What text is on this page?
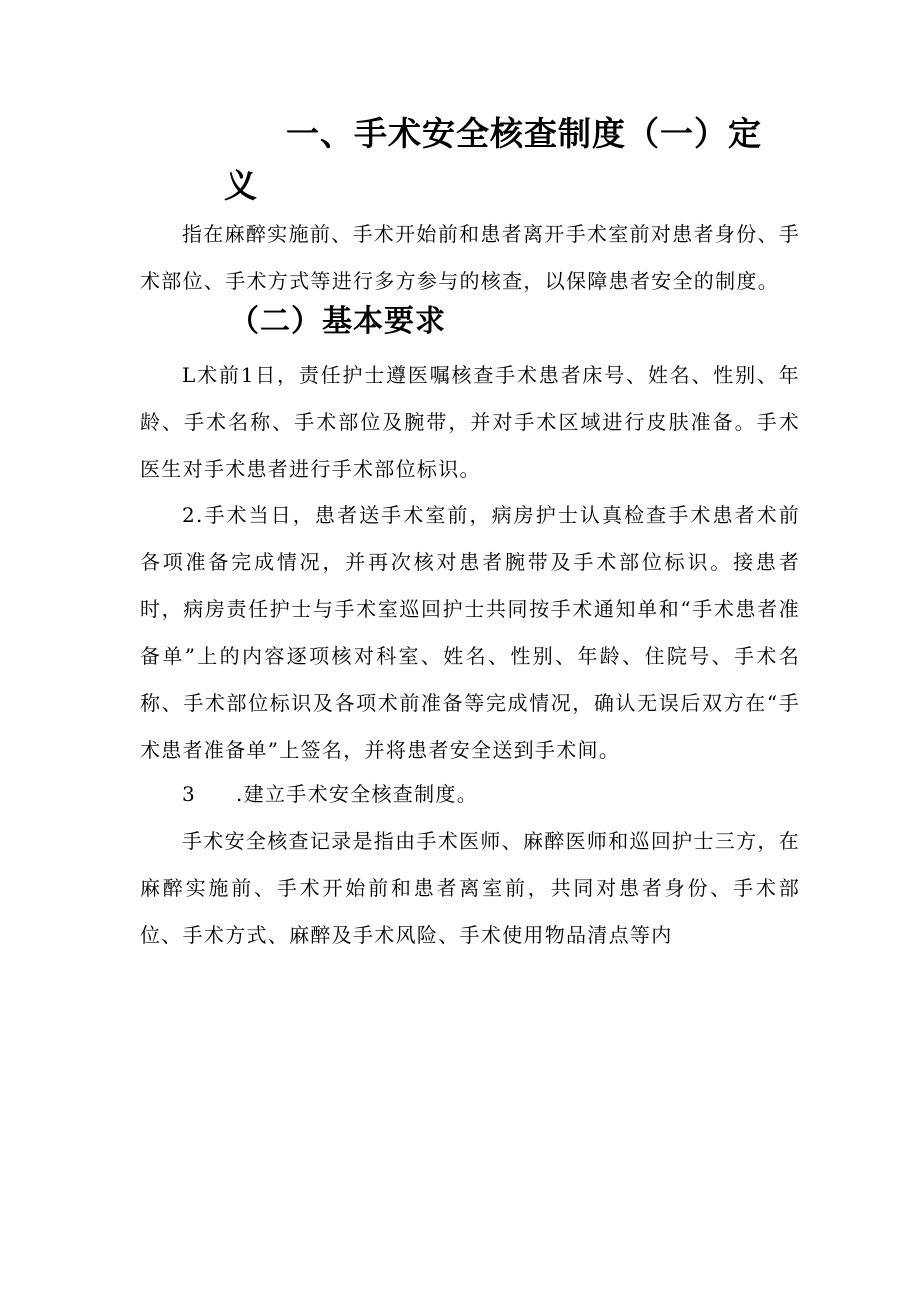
一、手术安全核查制度（一）定义

指在麻醉实施前、手术开始前和患者离开手术室前对患者身份、手术部位、手术方式等进行多方参与的核查，以保障患者安全的制度。

（二）基本要求

L术前1日，责任护士遵医嘱核查手术患者床号、姓名、性别、年龄、手术名称、手术部位及腕带，并对手术区域进行皮肤准备。手术医生对手术患者进行手术部位标识。

2.手术当日，患者送手术室前，病房护士认真检查手术患者术前各项准备完成情况，并再次核对患者腕带及手术部位标识。接患者时，病房责任护士与手术室巡回护士共同按手术通知单和“手术患者准备单”上的内容逐项核对科室、姓名、性别、年龄、住院号、手术名称、手术部位标识及各项术前准备等完成情况，确认无误后双方在“手术患者准备单”上签名，并将患者安全送到手术间。

3 .建立手术安全核查制度。

手术安全核查记录是指由手术医师、麻醉医师和巡回护士三方，在麻醉实施前、手术开始前和患者离室前，共同对患者身份、手术部位、手术方式、麻醉及手术风险、手术使用物品清点等内
